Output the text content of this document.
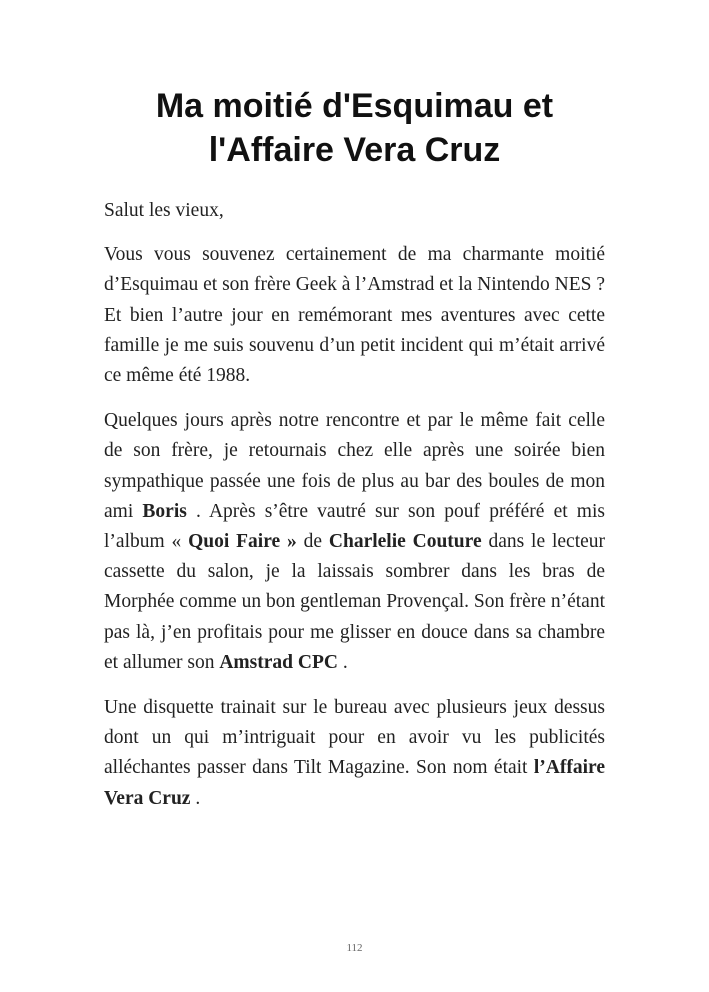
Ma moitié d'Esquimau et
l'Affaire Vera Cruz

Salut les vieux,

Vous vous souvenez certainement de ma charmante moitié d’Esquimau et son frère Geek à l’Amstrad et la Nintendo NES ? Et bien l’autre jour en remémorant mes aventures avec cette famille je me suis souvenu d’un petit incident qui m’était arrivé ce même été 1988.

Quelques jours après notre rencontre et par le même fait celle de son frère, je retournais chez elle après une soirée bien sympathique passée une fois de plus au bar des boules de mon ami Boris . Après s’être vautré sur son pouf préféré et mis l’album « Quoi Faire » de Charlelie Couture dans le lecteur cassette du salon, je la laissais sombrer dans les bras de Morphée comme un bon gentleman Provençal. Son frère n’étant pas là, j’en profitais pour me glisser en douce dans sa chambre et allumer son Amstrad CPC .

Une disquette trainait sur le bureau avec plusieurs jeux dessus dont un qui m’intriguait pour en avoir vu les publicités alléchantes passer dans Tilt Magazine. Son nom était l’Affaire Vera Cruz .

112
